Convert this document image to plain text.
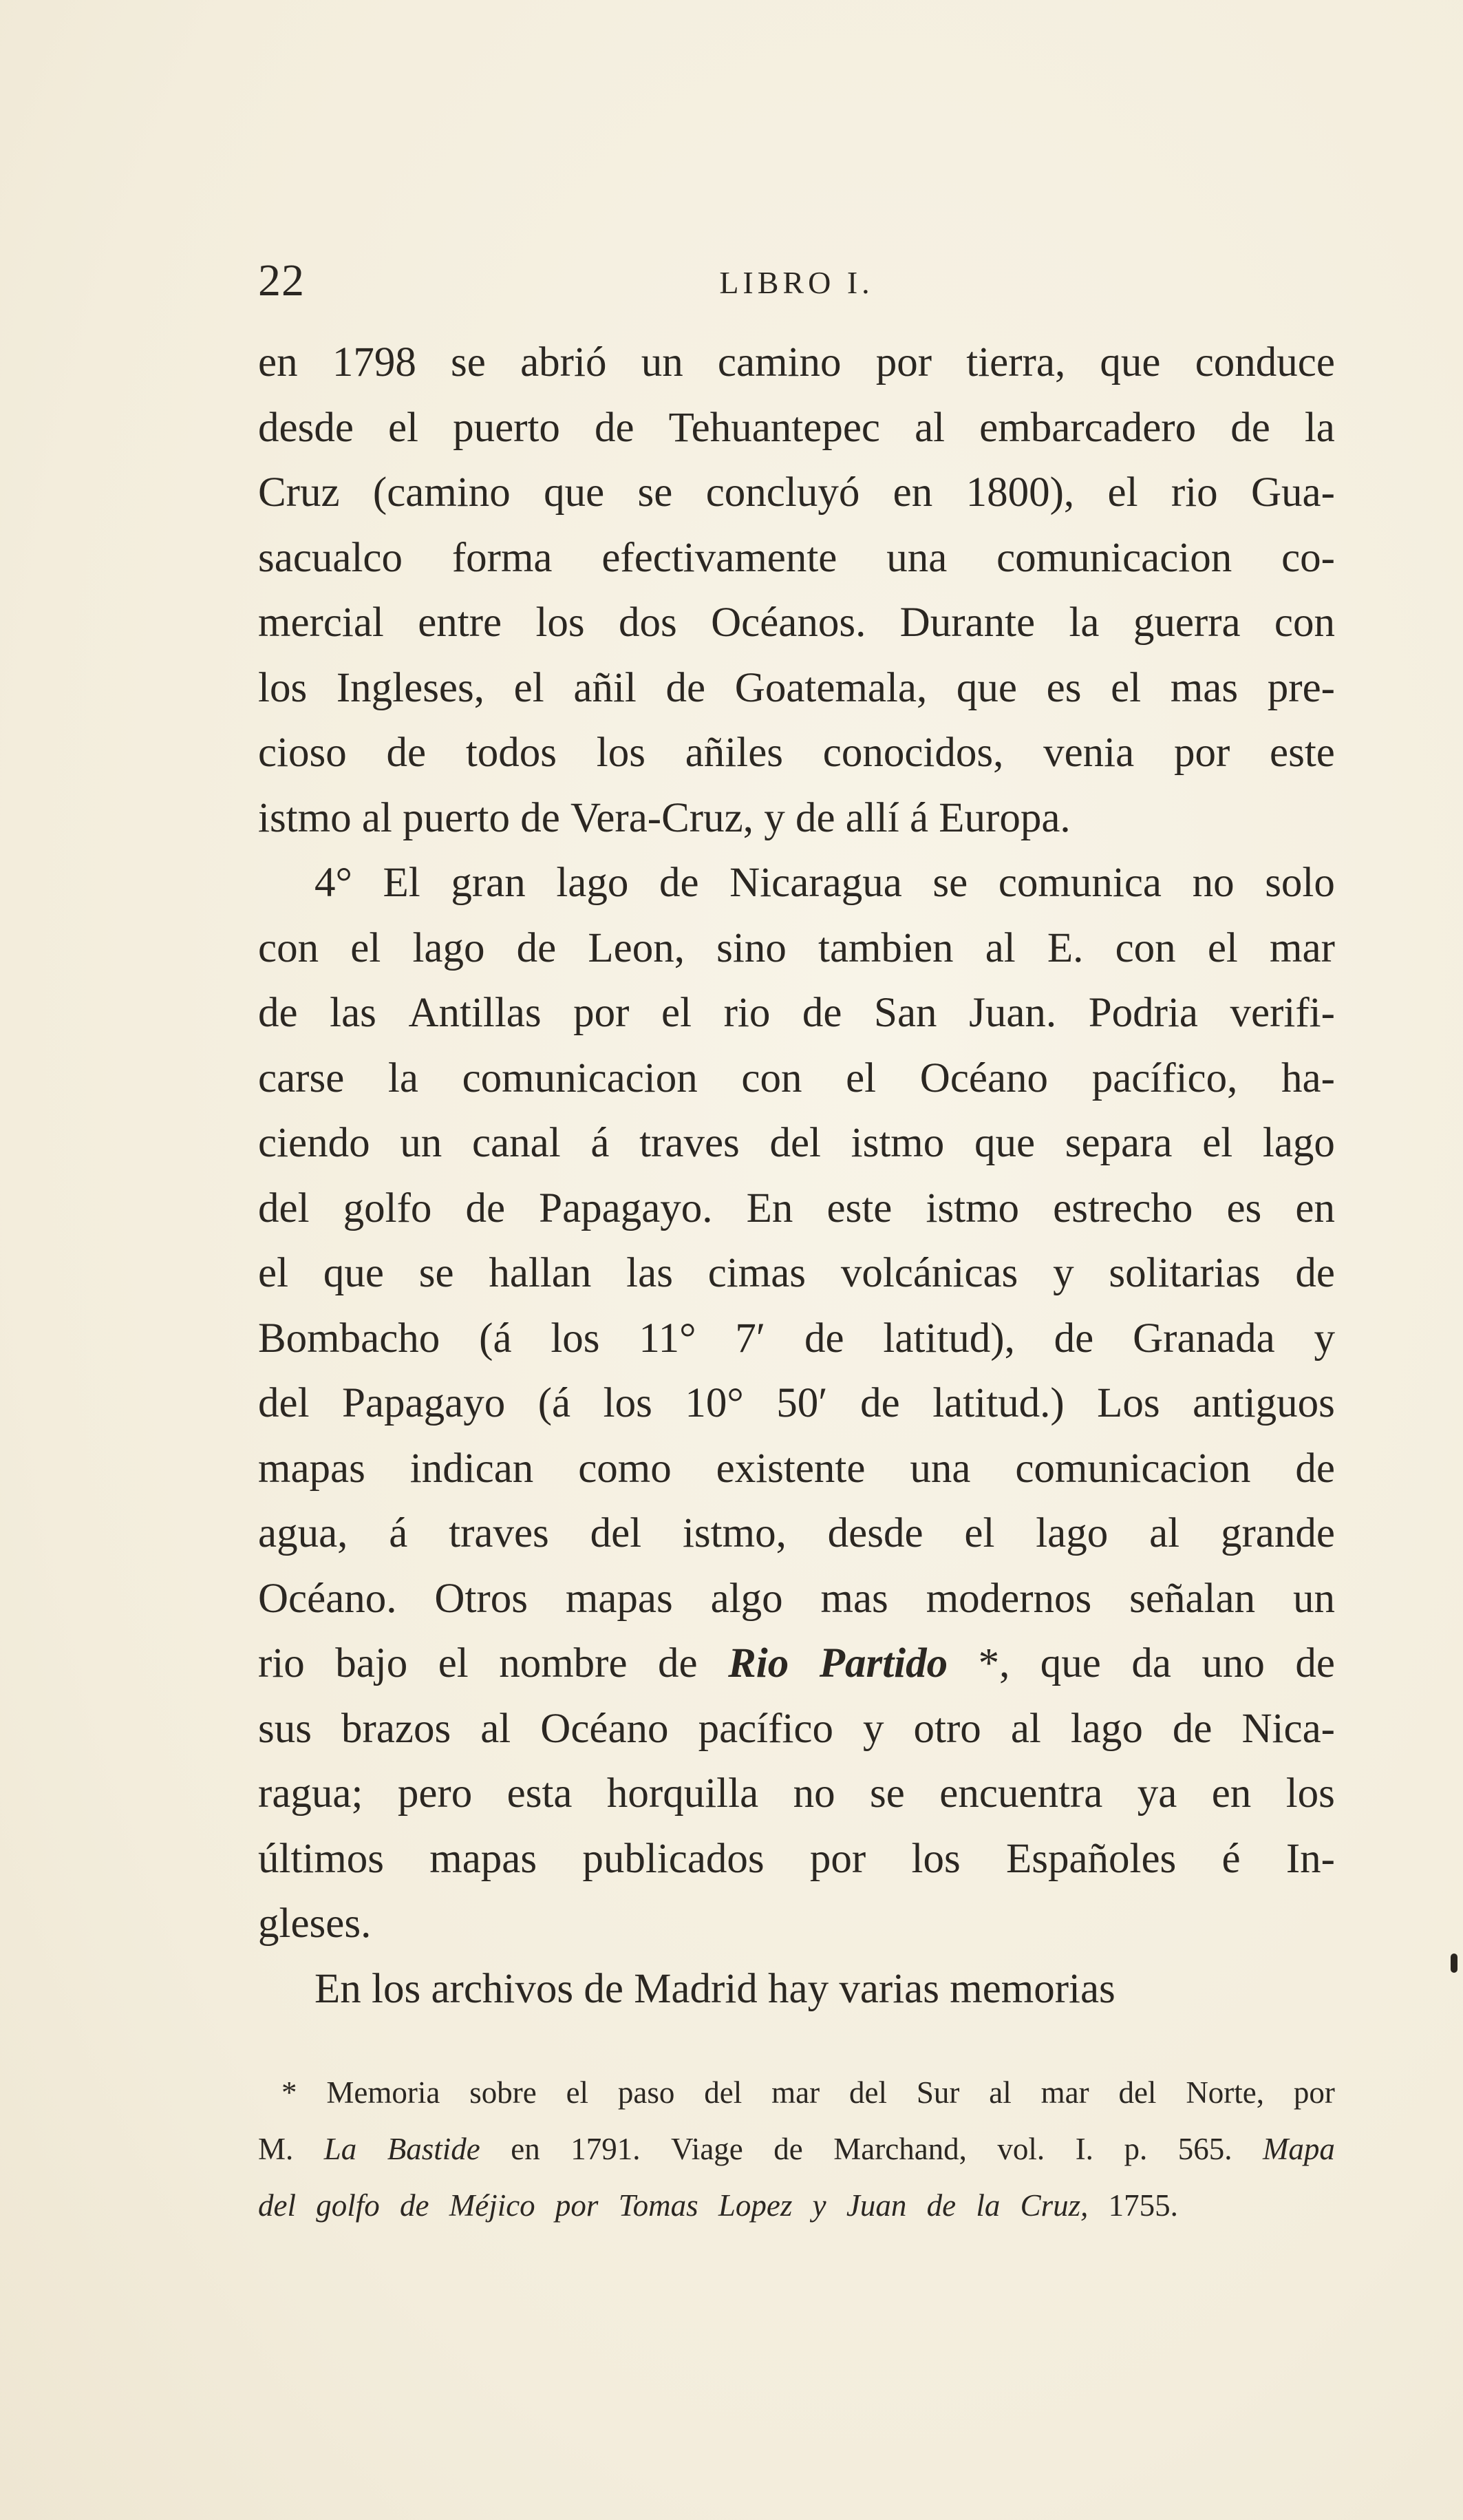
22	LIBRO I.
en 1798 se abrió un camino por tierra, que conduce
desde el puerto de Tehuantepec al embarcadero de la
Cruz (camino que se concluyó en 1800), el rio Gua-
sacualco forma efectivamente una comunicacion co-
mercial entre los dos Océanos. Durante la guerra con
los Ingleses, el añil de Goatemala, que es el mas pre-
cioso de todos los añiles conocidos, venia por este
istmo
al
puerto
de
Vera-Cruz,
y
de
allí
á
Europa.

4° El gran lago de Nicaragua se comunica no solo
con el lago de Leon, sino tambien al E. con el mar
de las Antillas por el rio de San Juan. Podria verifi-
carse la comunicacion con el Océano pacífico, ha-
ciendo un canal á traves del istmo que separa el lago
del golfo de Papagayo. En este istmo estrecho es en
el que se hallan las cimas volcánicas y solitarias de
Bombacho (á los 11° 7′ de latitud), de Granada y
del Papagayo (á los 10° 50′ de latitud.) Los antiguos
mapas indican como existente una comunicacion de
agua, á traves del istmo, desde el lago al grande
Océano. Otros mapas algo mas modernos señalan un
rio bajo el nombre de Rio Partido *, que da uno de
sus brazos al Océano pacífico y otro al lago de Nica-
ragua; pero esta horquilla no se encuentra ya en los
últimos mapas publicados por los Españoles é In-
gleses.

En
los
archivos
de
Madrid
hay
varias
memorias

* Memoria sobre el paso del mar del Sur al mar del Norte, por
M. La Bastide en 1791. Viage de Marchand, vol. I. p. 565. Mapa
del
golfo
de
Méjico
por
Tomas
Lopez
y
Juan
de
la
Cruz,
1755.
